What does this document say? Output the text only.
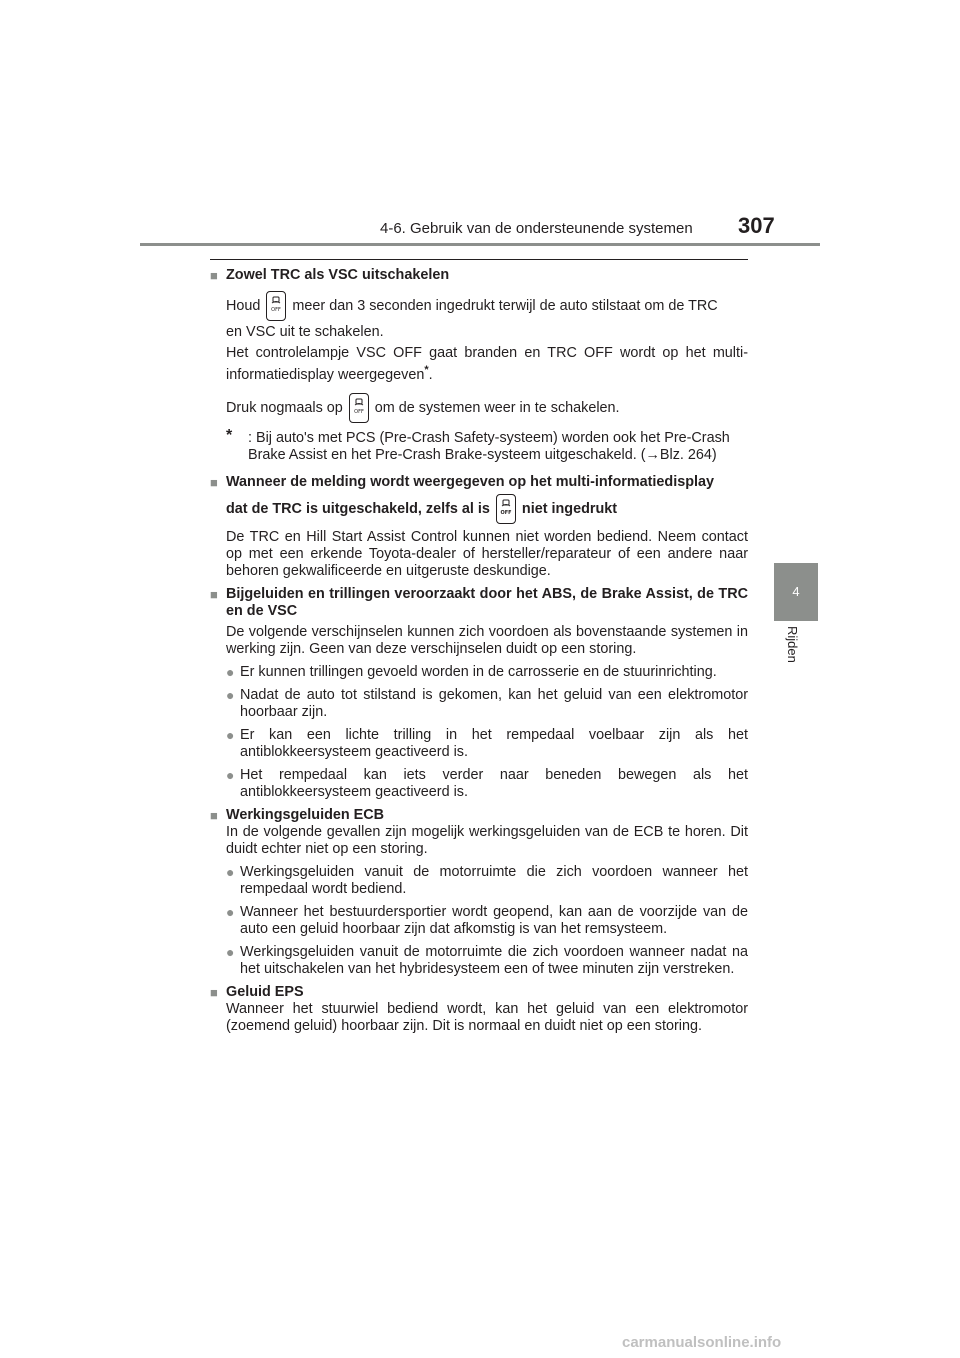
4-6. Gebruik van de ondersteunende systemen 307
4
Rijden
■ Zowel TRC als VSC uitschakelen
Houd OFF meer dan 3 seconden ingedrukt terwijl de auto stilstaat om de TRC
en VSC uit te schakelen.
Het controlelampje VSC OFF gaat branden en TRC OFF wordt op het multi-informatiedisplay weergegeven*.
Druk nogmaals op OFF om de systemen weer in te schakelen.
* : Bij auto's met PCS (Pre-Crash Safety-systeem) worden ook het Pre-Crash Brake Assist en het Pre-Crash Brake-systeem uitgeschakeld. (→Blz. 264)
■ Wanneer de melding wordt weergegeven op het multi-informatiedisplay
dat de TRC is uitgeschakeld, zelfs al is OFF niet ingedrukt
De TRC en Hill Start Assist Control kunnen niet worden bediend. Neem contact op met een erkende Toyota-dealer of hersteller/reparateur of een andere naar behoren gekwalificeerde en uitgeruste deskundige.
■ Bijgeluiden en trillingen veroorzaakt door het ABS, de Brake Assist, de TRC en de VSC
De volgende verschijnselen kunnen zich voordoen als bovenstaande systemen in werking zijn. Geen van deze verschijnselen duidt op een storing.
● Er kunnen trillingen gevoeld worden in de carrosserie en de stuurinrichting.
● Nadat de auto tot stilstand is gekomen, kan het geluid van een elektromotor hoorbaar zijn.
● Er kan een lichte trilling in het rempedaal voelbaar zijn als het antiblokkeersysteem geactiveerd is.
● Het rempedaal kan iets verder naar beneden bewegen als het antiblokkeersysteem geactiveerd is.
■ Werkingsgeluiden ECB
In de volgende gevallen zijn mogelijk werkingsgeluiden van de ECB te horen. Dit duidt echter niet op een storing.
● Werkingsgeluiden vanuit de motorruimte die zich voordoen wanneer het rempedaal wordt bediend.
● Wanneer het bestuurdersportier wordt geopend, kan aan de voorzijde van de auto een geluid hoorbaar zijn dat afkomstig is van het remsysteem.
● Werkingsgeluiden vanuit de motorruimte die zich voordoen wanneer nadat na het uitschakelen van het hybridesysteem een of twee minuten zijn verstreken.
■ Geluid EPS
Wanneer het stuurwiel bediend wordt, kan het geluid van een elektromotor (zoemend geluid) hoorbaar zijn. Dit is normaal en duidt niet op een storing.
carmanualsonline.info
